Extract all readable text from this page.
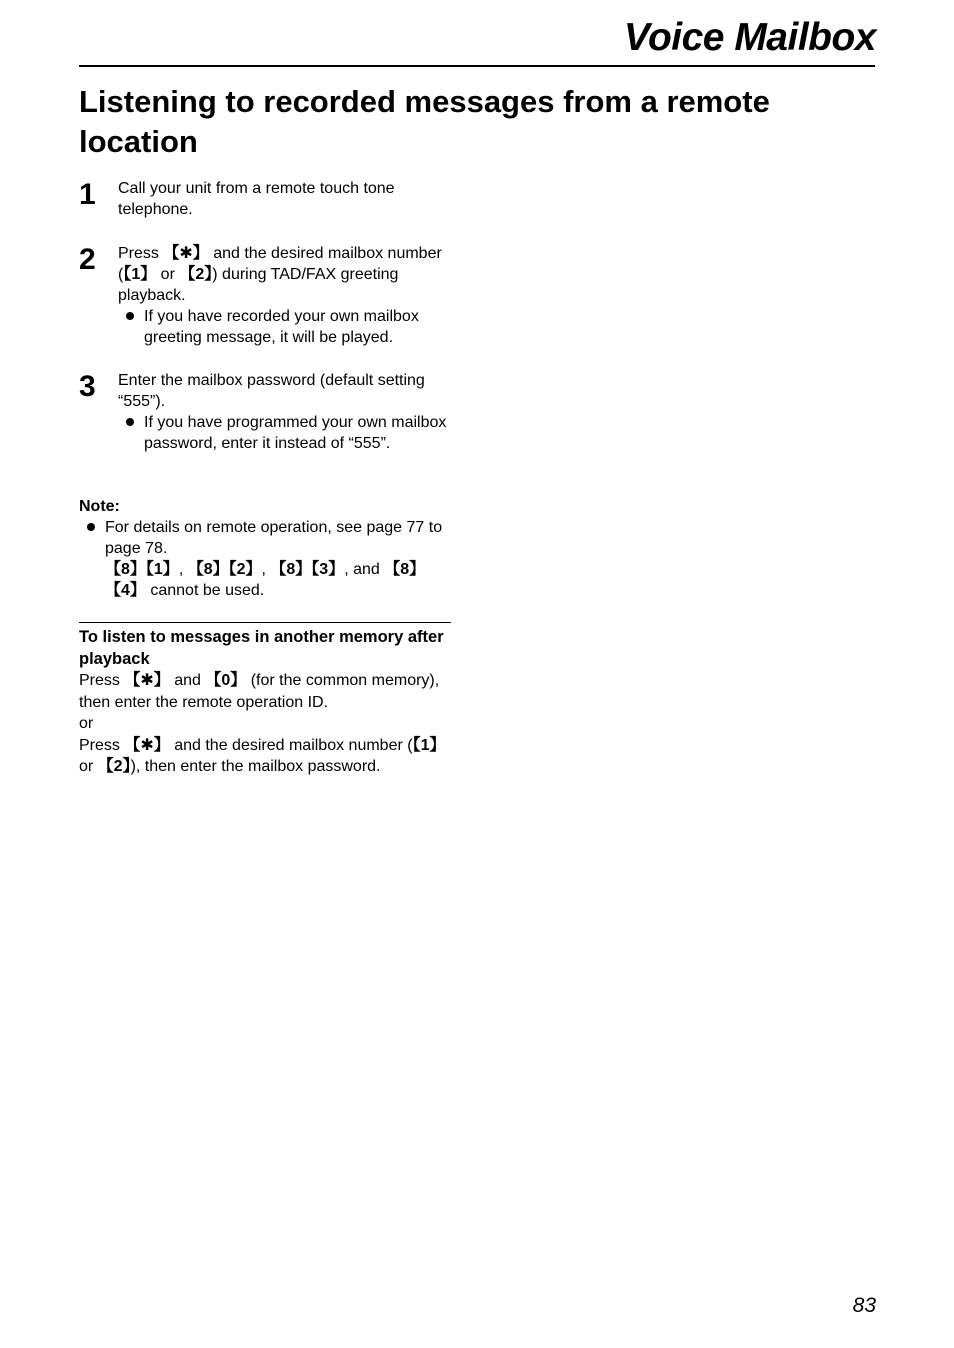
Voice Mailbox
Listening to recorded messages from a remote location
1 Call your unit from a remote touch tone telephone.

2 Press 【✱】 and the desired mailbox number (【1】 or 【2】) during TAD/FAX greeting playback.

If you have recorded your own mailbox greeting message, it will be played.

3 Enter the mailbox password (default setting “555”).

If you have programmed your own mailbox password, enter it instead of “555”.

Note:

For details on remote operation, see page 77 to page 78.

【8】【1】, 【8】【2】, 【8】【3】, and 【8】【4】 cannot be used.

To listen to messages in another memory after playback

Press 【✱】 and 【0】 (for the common memory), then enter the remote operation ID.

or

Press 【✱】 and the desired mailbox number (【1】 or 【2】), then enter the mailbox password.

83
